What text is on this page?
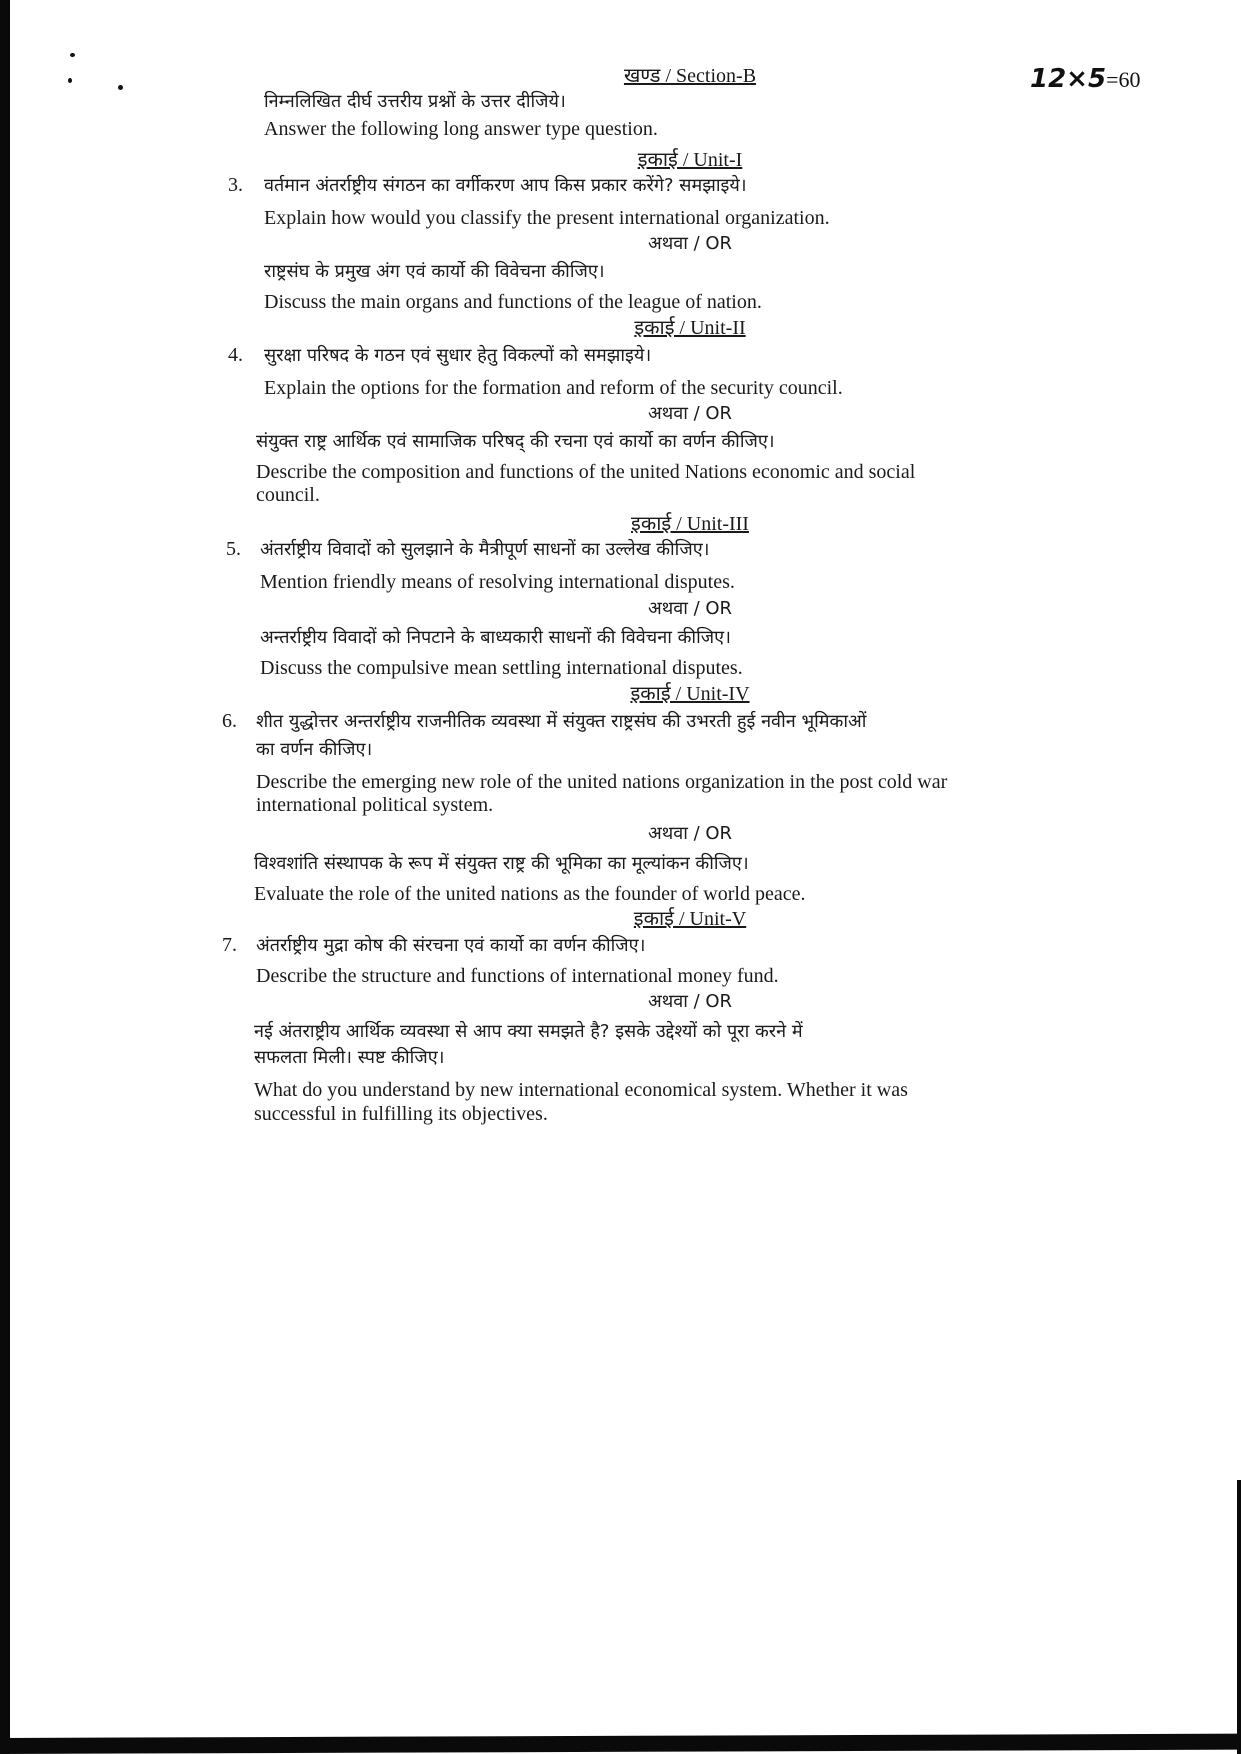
12×5=60
खण्ड / Section-B
निम्नलिखित दीर्घ उत्तरीय प्रश्नों के उत्तर दीजिये।
Answer the following long answer type question.
इकाई / Unit-I
3. वर्तमान अंतर्राष्ट्रीय संगठन का वर्गीकरण आप किस प्रकार करेंगे? समझाइये।
Explain how would you classify the present international organization.
अथवा / OR
राष्ट्रसंघ के प्रमुख अंग एवं कार्यो की विवेचना कीजिए।
Discuss the main organs and functions of the league of nation.
इकाई / Unit-II
4. सुरक्षा परिषद के गठन एवं सुधार हेतु विकल्पों को समझाइये।
Explain the options for the formation and reform of the security council.
अथवा / OR
संयुक्त राष्ट्र आर्थिक एवं सामाजिक परिषद् की रचना एवं कार्यो का वर्णन कीजिए।
Describe the composition and functions of the united Nations economic and social
council.
इकाई / Unit-III
5. अंतर्राष्ट्रीय विवादों को सुलझाने के मैत्रीपूर्ण साधनों का उल्लेख कीजिए।
Mention friendly means of resolving international disputes.
अथवा / OR
अन्तर्राष्ट्रीय विवादों को निपटाने के बाध्यकारी साधनों की विवेचना कीजिए।
Discuss the compulsive mean settling international disputes.
इकाई / Unit-IV
6. शीत युद्धोत्तर अन्तर्राष्ट्रीय राजनीतिक व्यवस्था में संयुक्त राष्ट्रसंघ की उभरती हुई नवीन भूमिकाओं
का वर्णन कीजिए।
Describe the emerging new role of the united nations organization in the post cold war
international political system.
अथवा / OR
विश्वशांति संस्थापक के रूप में संयुक्त राष्ट्र की भूमिका का मूल्यांकन कीजिए।
Evaluate the role of the united nations as the founder of world peace.
इकाई / Unit-V
7. अंतर्राष्ट्रीय मुद्रा कोष की संरचना एवं कार्यो का वर्णन कीजिए।
Describe the structure and functions of international money fund.
अथवा / OR
नई अंतराष्ट्रीय आर्थिक व्यवस्था से आप क्या समझते है? इसके उद्देश्यों को पूरा करने में
सफलता मिली। स्पष्ट कीजिए।
What do you understand by new international economical system. Whether it was
successful in fulfilling its objectives.
